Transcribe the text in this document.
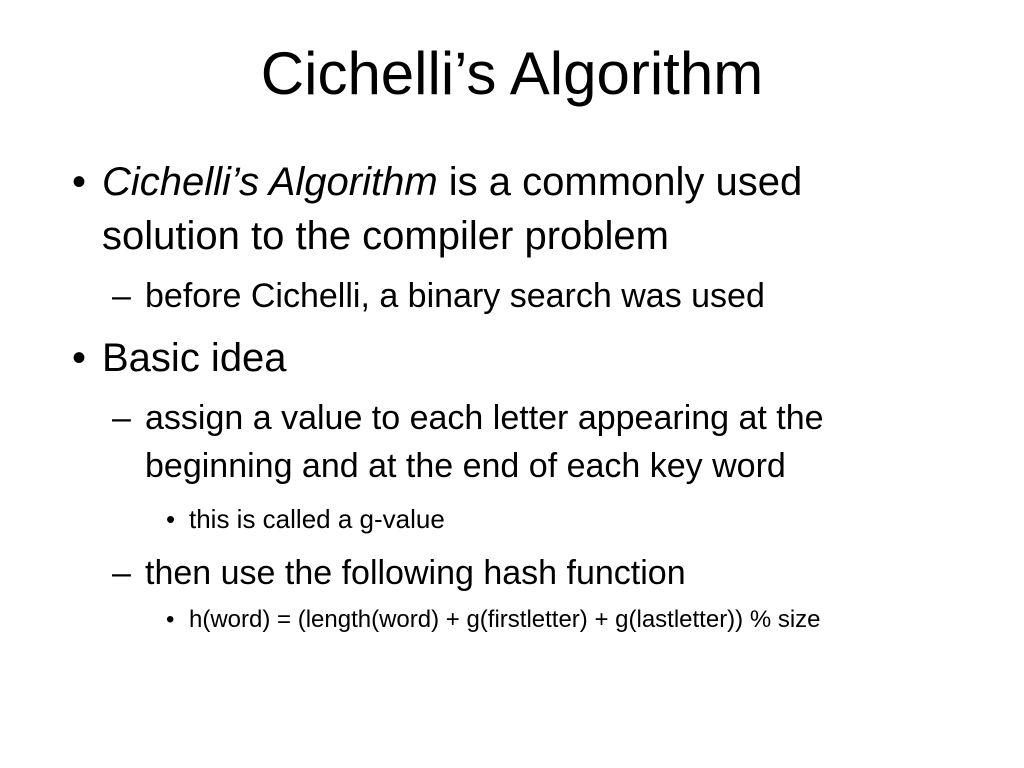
Cichelli’s Algorithm
• Cichelli’s Algorithm is a commonly used
solution to the compiler problem
– before Cichelli, a binary search was used
• Basic idea
– assign a value to each letter appearing at the
beginning and at the end of each key word
• this is called a g-value
– then use the following hash function
• h(word) = (length(word) + g(firstletter) + g(lastletter)) % size
